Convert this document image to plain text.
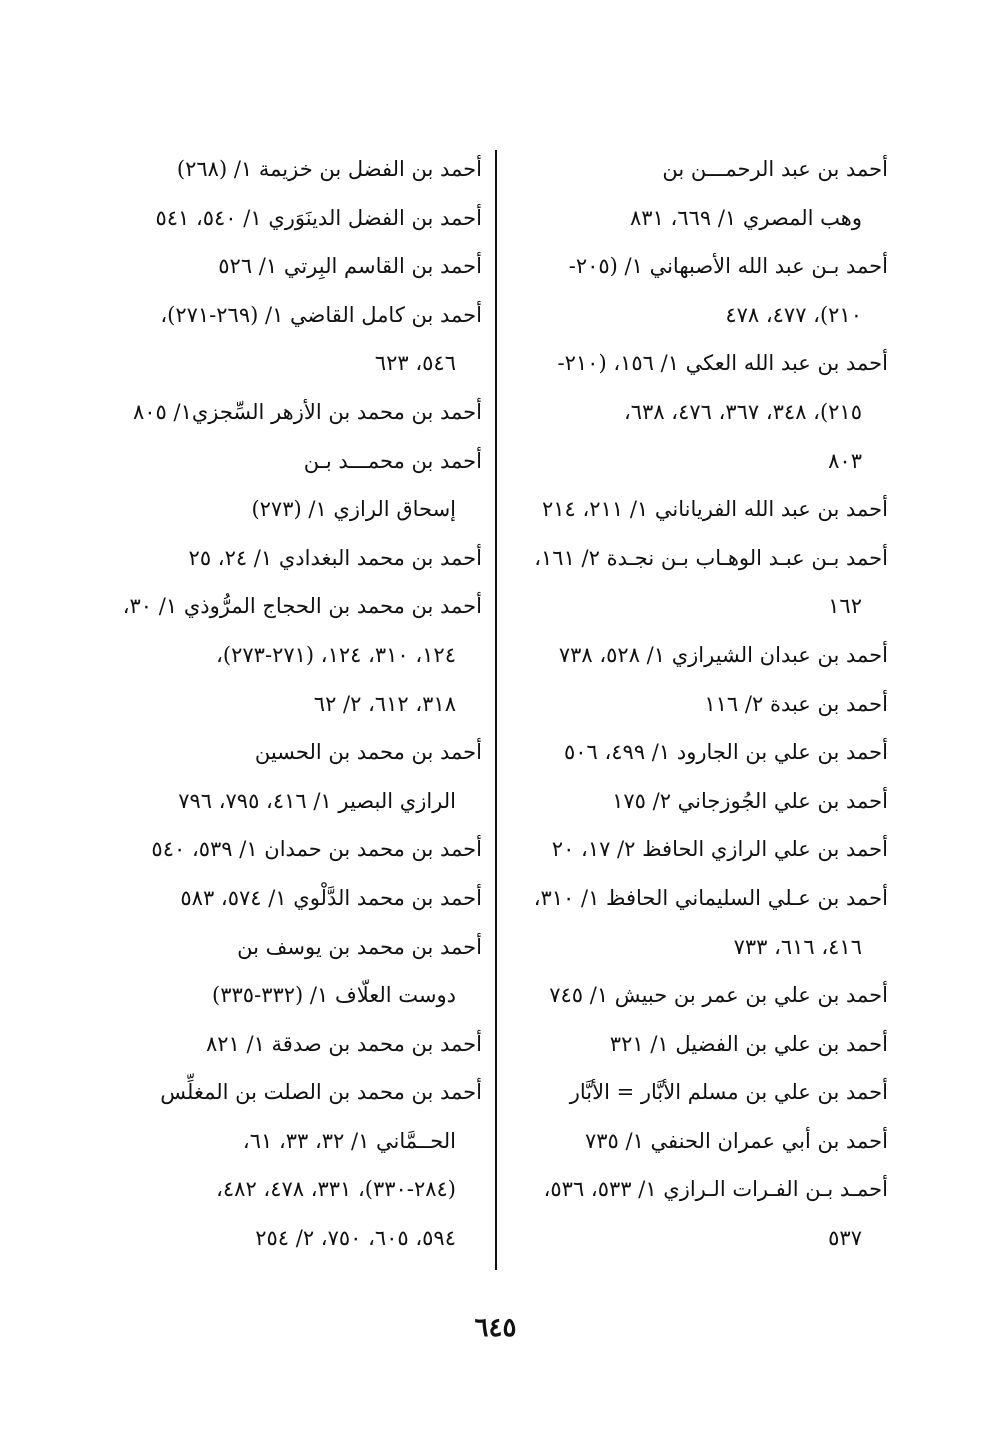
أحمد بن عبد الرحمـــن بن
وهب المصري ١/ ٦٦٩، ٨٣١
أحمد بـن عبد الله الأصبهاني ١/ (٢٠٥-
٢١٠)، ٤٧٧، ٤٧٨
أحمد بن عبد الله العكي ١/ ١٥٦، (٢١٠-
٢١٥)، ٣٤٨، ٣٦٧، ٤٧٦، ٦٣٨،
٨٠٣
أحمد بن عبد الله الفرياناني ١/ ٢١١، ٢١٤
أحمد بـن عبـد الوهـاب بـن نجـدة ٢/ ١٦١،
١٦٢
أحمد بن عبدان الشيرازي ١/ ٥٢٨، ٧٣٨
أحمد بن عبدة ٢/ ١١٦
أحمد بن علي بن الجارود ١/ ٤٩٩، ٥٠٦
أحمد بن علي الجُوزجاني ٢/ ١٧٥
أحمد بن علي الرازي الحافظ ٢/ ١٧، ٢٠
أحمد بن عـلي السليماني الحافظ ١/ ٣١٠،
٤١٦، ٦١٦، ٧٣٣
أحمد بن علي بن عمر بن حبيش ١/ ٧٤٥
أحمد بن علي بن الفضيل ١/ ٣٢١
أحمد بن علي بن مسلم الأبَّار = الأبَّار
أحمد بن أبي عمران الحنفي ١/ ٧٣٥
أحمـد بـن الفـرات الـرازي ١/ ٥٣٣، ٥٣٦،
٥٣٧
أحمد بن الفضل بن خزيمة ١/ (٢٦٨)
أحمد بن الفضل الدينَوَري ١/ ٥٤٠، ٥٤١
أحمد بن القاسم البِرتي ١/ ٥٢٦
أحمد بن كامل القاضي ١/ (٢٦٩-٢٧١)،
٥٤٦، ٦٢٣
أحمد بن محمد بن الأزهر السِّجزي١/ ٨٠٥
أحمد بن محمـــد بـن
إسحاق الرازي ١/ (٢٧٣)
أحمد بن محمد البغدادي ١/ ٢٤، ٢٥
أحمد بن محمد بن الحجاج المرُّوذي ١/ ٣٠،
١٢٤، ٣١٠، ١٢٤، (٢٧١-٢٧٣)،
٣١٨، ٦١٢، ٢/ ٦٢
أحمد بن محمد بن الحسين
الرازي البصير ١/ ٤١٦، ٧٩٥، ٧٩٦
أحمد بن محمد بن حمدان ١/ ٥٣٩، ٥٤٠
أحمد بن محمد الدَّلْوي ١/ ٥٧٤، ٥٨٣
أحمد بن محمد بن يوسف بن
دوست العلّاف ١/ (٣٣٢-٣٣٥)
أحمد بن محمد بن صدقة ١/ ٨٢١
أحمد بن محمد بن الصلت بن المغلِّس
الحــمَّاني ١/ ٣٢، ٣٣، ٦١،
(٢٨٤-٣٣٠)، ٣٣١، ٤٧٨، ٤٨٢،
٥٩٤، ٦٠٥، ٧٥٠، ٢/ ٢٥٤
٦٤٥
